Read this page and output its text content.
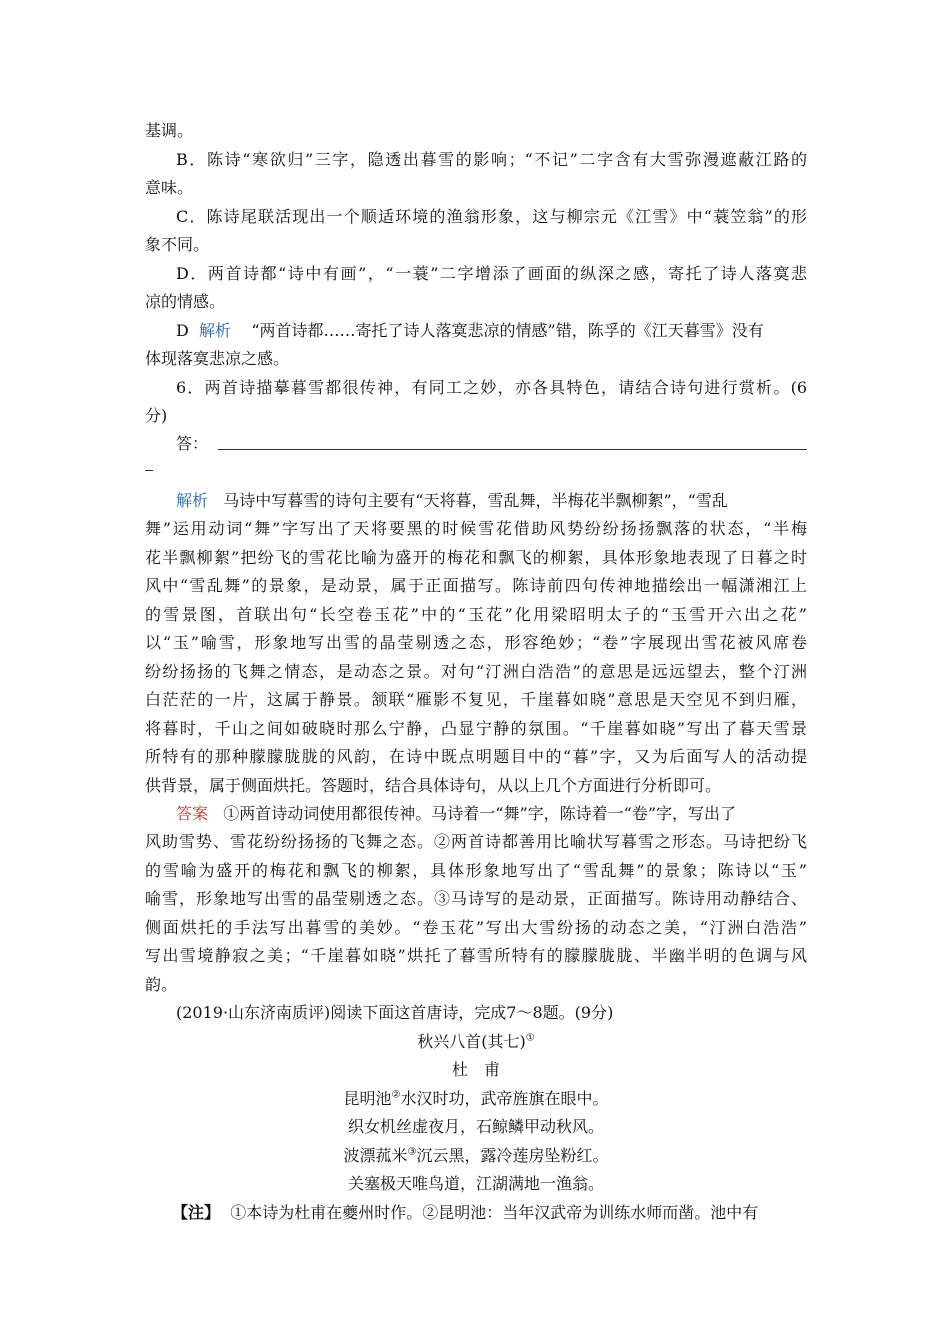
基调。
B．陈诗“寒欲归”三字，隐透出暮雪的影响；“不记”二字含有大雪弥漫遮蔽江路的
意味。
C．陈诗尾联活现出一个顺适环境的渔翁形象，这与柳宗元《江雪》中“蓑笠翁”的形
象不同。
D．两首诗都“诗中有画”，“一蓑”二字增添了画面的纵深之感，寄托了诗人落寞悲
凉的情感。
D 解析 “两首诗都……寄托了诗人落寞悲凉的情感”错，陈孚的《江天暮雪》没有
体现落寞悲凉之感。
6．两首诗描摹暮雪都很传神，有同工之妙，亦各具特色，请结合诗句进行赏析。(6
分)
答：
解析 马诗中写暮雪的诗句主要有“天将暮，雪乱舞，半梅花半飘柳絮”，“雪乱
舞”运用动词“舞”字写出了天将要黑的时候雪花借助风势纷纷扬扬飘落的状态，“半梅
花半飘柳絮”把纷飞的雪花比喻为盛开的梅花和飘飞的柳絮，具体形象地表现了日暮之时
风中“雪乱舞”的景象，是动景，属于正面描写。陈诗前四句传神地描绘出一幅潇湘江上
的雪景图，首联出句“长空卷玉花”中的“玉花”化用梁昭明太子的“玉雪开六出之花”
以“玉”喻雪，形象地写出雪的晶莹剔透之态，形容绝妙；“卷”字展现出雪花被风席卷
纷纷扬扬的飞舞之情态，是动态之景。对句“汀洲白浩浩”的意思是远远望去，整个汀洲
白茫茫的一片，这属于静景。颔联“雁影不复见，千崖暮如晓”意思是天空见不到归雁，
将暮时，千山之间如破晓时那么宁静，凸显宁静的氛围。“千崖暮如晓”写出了暮天雪景
所特有的那种朦朦胧胧的风韵，在诗中既点明题目中的“暮”字，又为后面写人的活动提
供背景，属于侧面烘托。答题时，结合具体诗句，从以上几个方面进行分析即可。
答案 ①两首诗动词使用都很传神。马诗着一“舞”字，陈诗着一“卷”字，写出了
风助雪势、雪花纷纷扬扬的飞舞之态。②两首诗都善用比喻状写暮雪之形态。马诗把纷飞
的雪喻为盛开的梅花和飘飞的柳絮，具体形象地写出了“雪乱舞”的景象；陈诗以“玉”
喻雪，形象地写出雪的晶莹剔透之态。③马诗写的是动景，正面描写。陈诗用动静结合、
侧面烘托的手法写出暮雪的美妙。“卷玉花”写出大雪纷扬的动态之美，“汀洲白浩浩”
写出雪境静寂之美；“千崖暮如晓”烘托了暮雪所特有的朦朦胧胧、半幽半明的色调与风
韵。
(2019·山东济南质评)阅读下面这首唐诗，完成7～8题。(9分)
秋兴八首(其七)①
杜　甫
昆明池②水汉时功，武帝旌旗在眼中。
织女机丝虚夜月，石鲸鳞甲动秋风。
波漂菰米③沉云黑，露冷莲房坠粉红。
关塞极天唯鸟道，江湖满地一渔翁。
【注】 ①本诗为杜甫在夔州时作。②昆明池：当年汉武帝为训练水师而凿。池中有
